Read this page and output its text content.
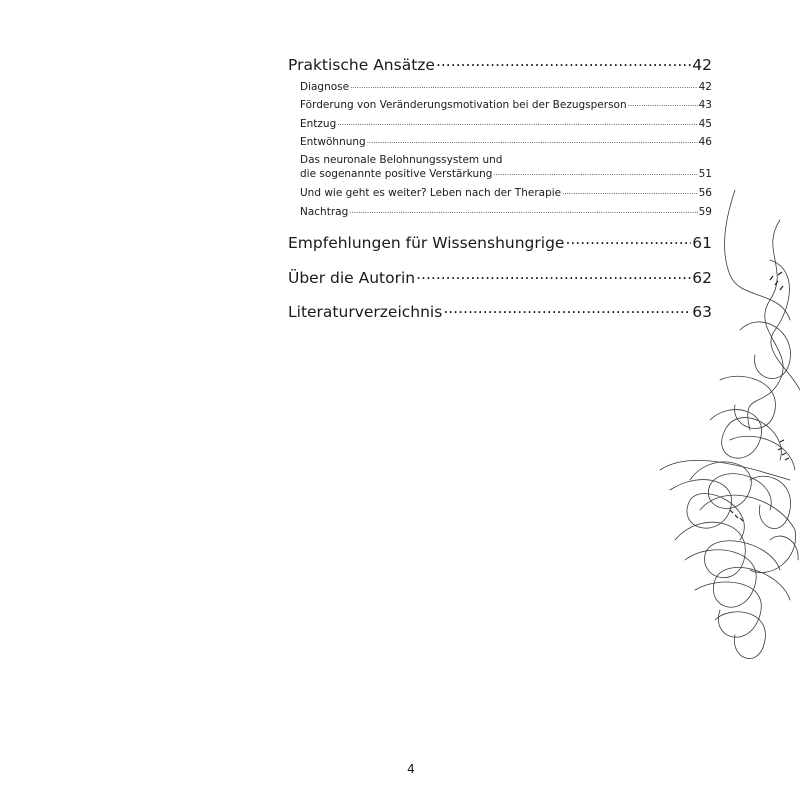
Praktische Ansätze .....	42
Diagnose .....	42
Förderung von Veränderungsmotivation bei der Bezugsperson .....	43
Entzug .....	45
Entwöhnung .....	46
Das neuronale Belohnungssystem und
die sogenannte positive Verstärkung .....	51
Und wie geht es weiter? Leben nach der Therapie .....	56
Nachtrag .....	59
Empfehlungen für Wissenshungrige .....	61
Über die Autorin .....	62
Literaturverzeichnis .....	63
4
